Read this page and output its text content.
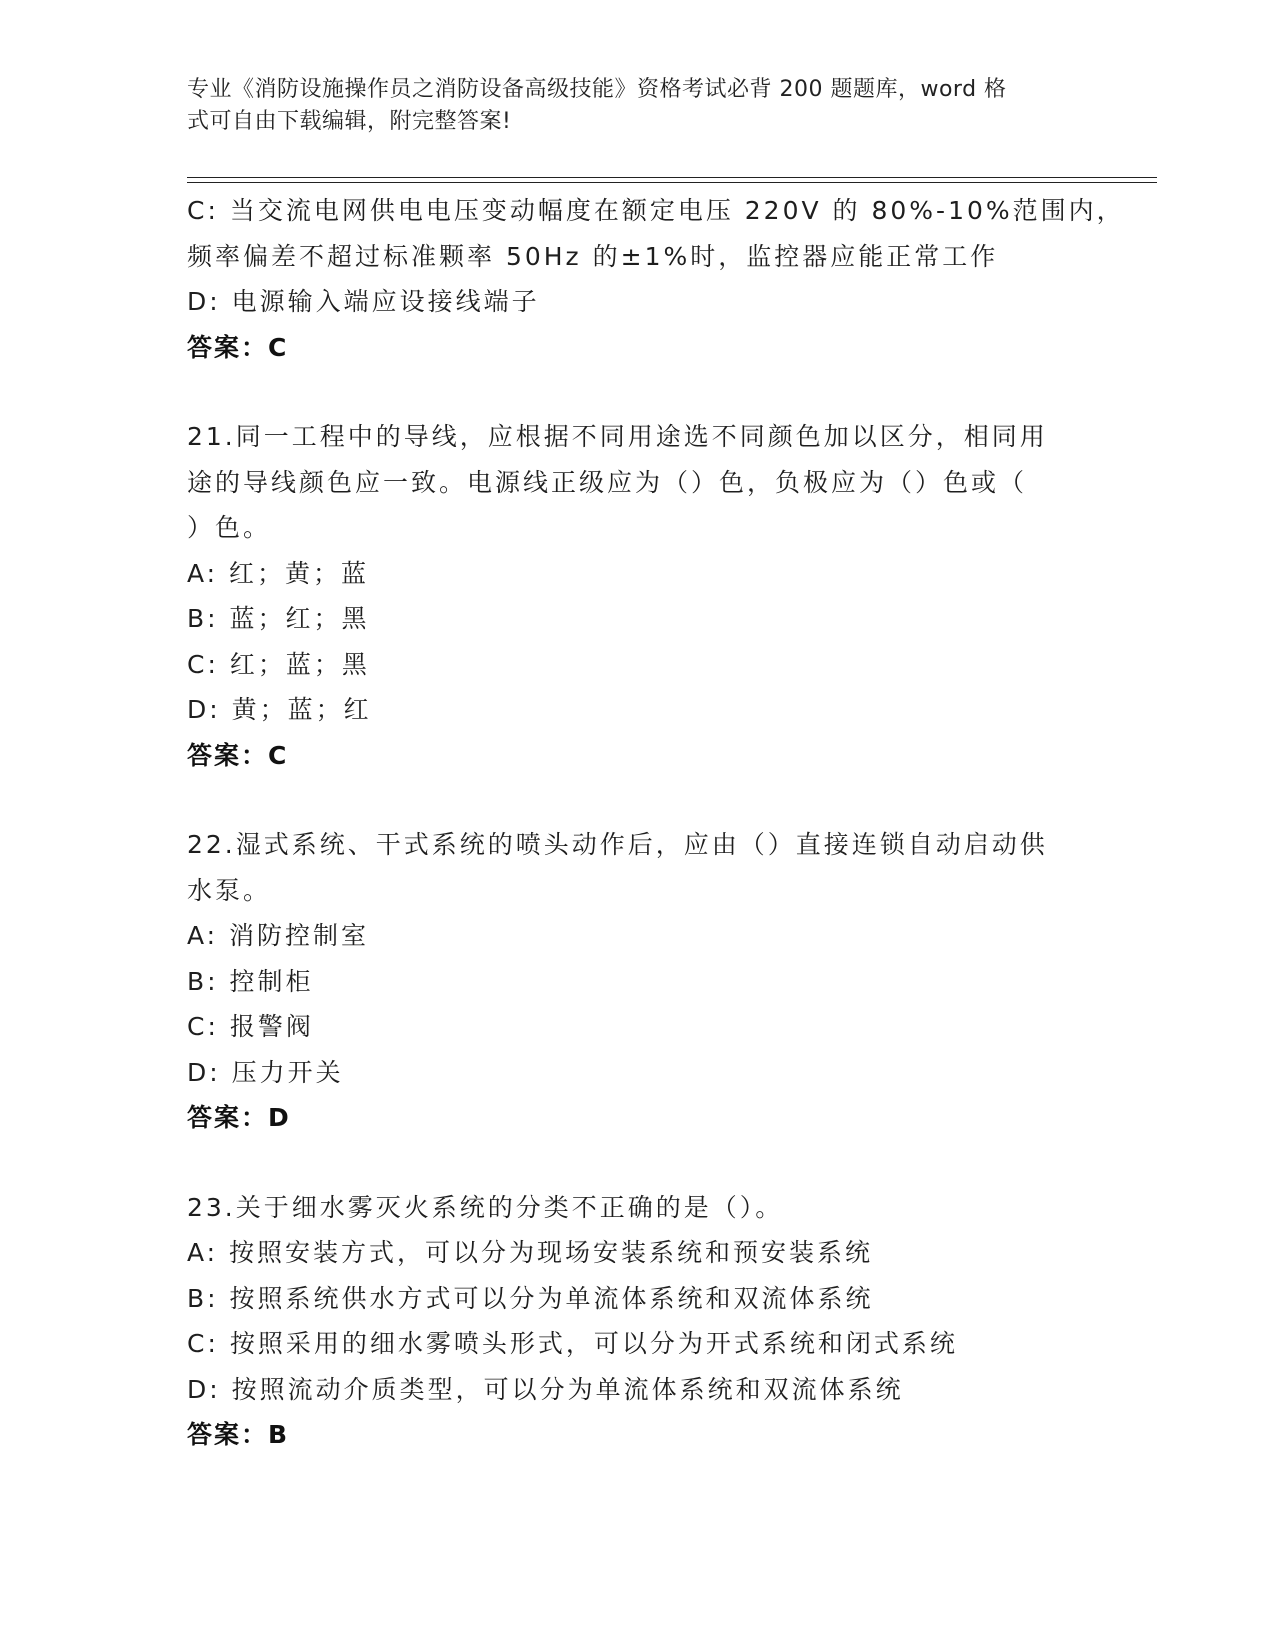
专业《消防设施操作员之消防设备高级技能》资格考试必背 200 题题库，word 格
式可自由下载编辑，附完整答案!
C: 当交流电网供电电压变动幅度在额定电压 220V 的 80%-10%范围内，
频率偏差不超过标准颗率 50Hz 的±1%时，监控器应能正常工作
D: 电源输入端应设接线端子
答案：C
21.同一工程中的导线，应根据不同用途选不同颜色加以区分，相同用
途的导线颜色应一致。电源线正级应为（）色，负极应为（）色或（
）色。
A: 红；黄；蓝
B: 蓝；红；黑
C: 红；蓝；黑
D: 黄；蓝；红
答案：C
22.湿式系统、干式系统的喷头动作后，应由（）直接连锁自动启动供
水泵。
A: 消防控制室
B: 控制柜
C: 报警阀
D: 压力开关
答案：D
23.关于细水雾灭火系统的分类不正确的是（）。
A: 按照安装方式，可以分为现场安装系统和预安装系统
B: 按照系统供水方式可以分为单流体系统和双流体系统
C: 按照采用的细水雾喷头形式，可以分为开式系统和闭式系统
D: 按照流动介质类型，可以分为单流体系统和双流体系统
答案：B
